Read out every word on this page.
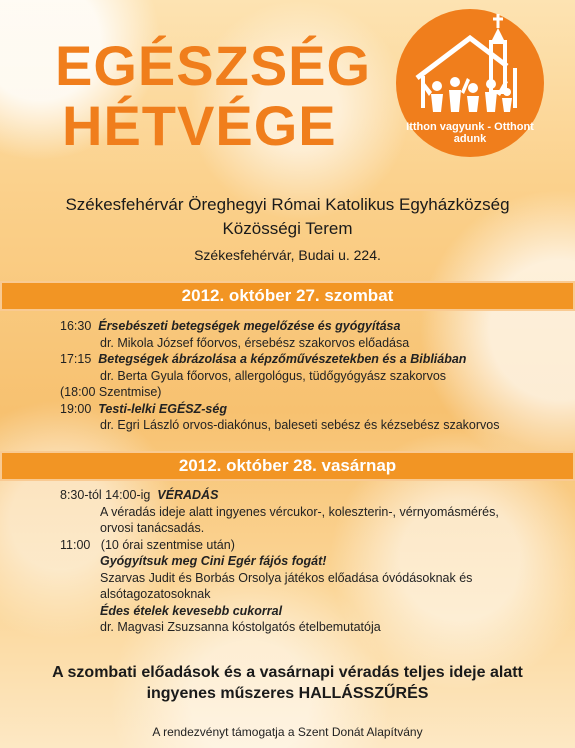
EGÉSZSÉG
HÉTVÉGE	Itthon vagyunk - Otthont adunk
Székesfehérvár Öreghegyi Római Katolikus Egyházközség
Közösségi Terem
Székesfehérvár, Budai u. 224.
2012. október 27. szombat
16:30 Érsebészeti betegségek megelőzése és gyógyítása
dr. Mikola József főorvos, érsebész szakorvos előadása
17:15 Betegségek ábrázolása a képzőművészetekben és a Bibliában
dr. Berta Gyula főorvos, allergológus, tüdőgyógyász szakorvos
(18:00 Szentmise)
19:00 Testi-lelki EGÉSZ-ség
dr. Egri László orvos-diakónus, baleseti sebész és kézsebész szakorvos
2012. október 28. vasárnap
8:30-tól 14:00-ig VÉRADÁS
A véradás ideje alatt ingyenes vércukor-, koleszterin-, vérnyomásmérés,
orvosi tanácsadás.
11:00 (10 órai szentmise után)
Gyógyítsuk meg Cini Egér fájós fogát!
Szarvas Judit és Borbás Orsolya játékos előadása óvódásoknak és
alsótagozatosoknak
Édes ételek kevesebb cukorral
dr. Magvasi Zsuzsanna kóstolgatós ételbemutatója
A szombati előadások és a vasárnapi véradás teljes ideje alatt
ingyenes műszeres HALLÁSSZŰRÉS
A rendezvényt támogatja a Szent Donát Alapítvány
